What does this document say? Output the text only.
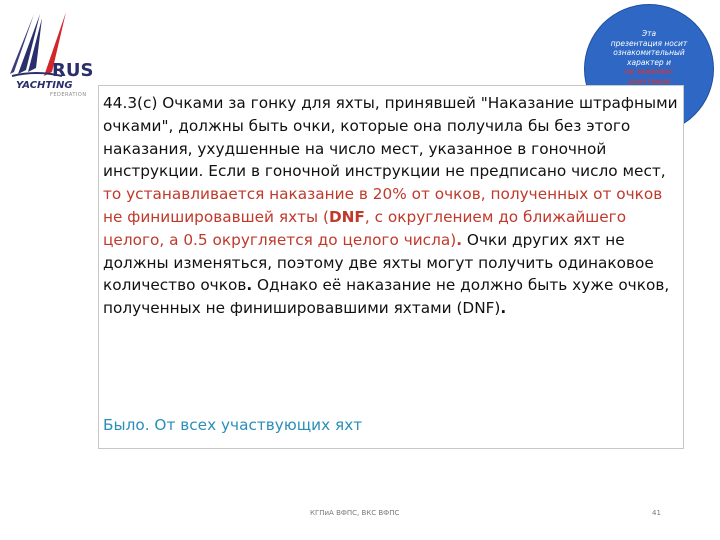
RUS
YACHTING
FEDERATION
Эта
презентация носит
ознакомительный
характер и
не заменяет
прочтения

44.3(с) Очками за гонку для яхты, принявшей "Наказание штрафными очками", должны быть очки, которые она получила бы без этого наказания, ухудшенные на число мест, указанное в гоночной инструкции. Если в гоночной инструкции не предписано число мест, то устанавливается наказание в 20% от очков, полученных от очков не финишировавшей яхты (DNF, с округлением до ближайшего целого, а 0.5 округляется до целого числа). Очки других яхт не должны изменяться, поэтому две яхты могут получить одинаковое количество очков. Однако её наказание не должно быть хуже очков, полученных не финишировавшими яхтами (DNF).

Было. От всех участвующих яхт
КГПиА ВФПС, ВКС ВФПС	41
